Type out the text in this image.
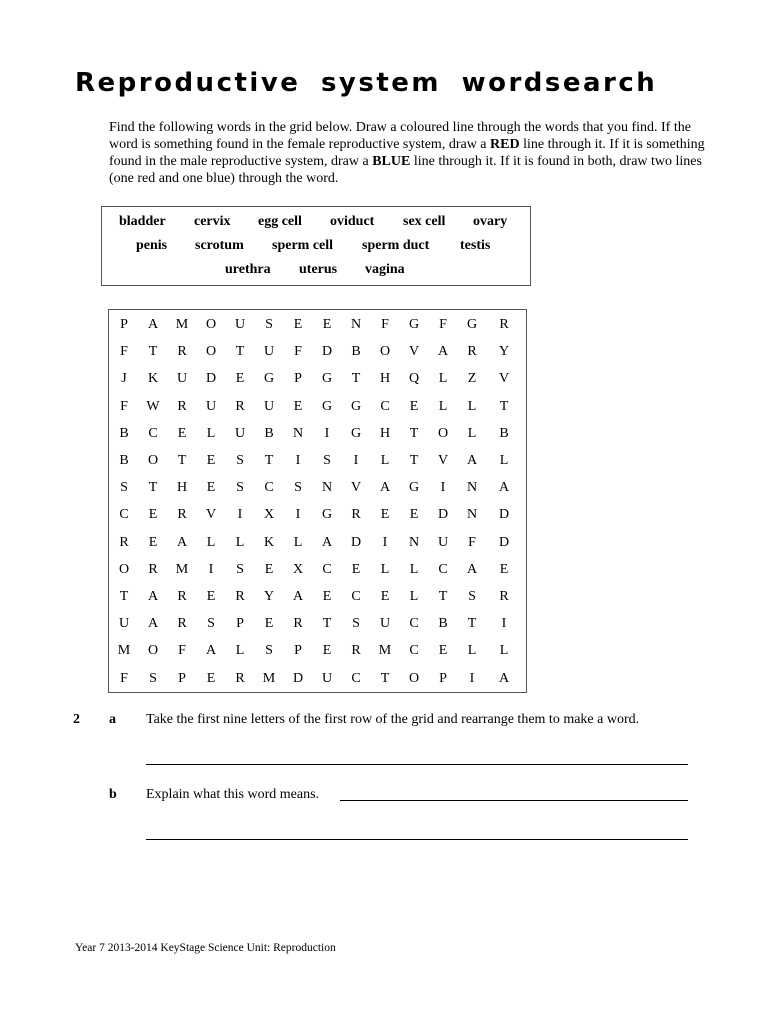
Reproductive system wordsearch
Find the following words in the grid below. Draw a coloured line through the words that you find. If the word is something found in the female reproductive system, draw a RED line through it. If it is something found in the male reproductive system, draw a BLUE line through it. If it is found in both, draw two lines (one red and one blue) through the word.
bladder cervix egg cell oviduct sex cell ovary
penis scrotum sperm cell sperm duct testis
urethra uterus vagina
P	A	M	O	U	S	E	E	N	F	G	F	G	R
F	T	R	O	T	U	F	D	B	O	V	A	R	Y
J	K	U	D	E	G	P	G	T	H	Q	L	Z	V
F	W	R	U	R	U	E	G	G	C	E	L	L	T
B	C	E	L	U	B	N	I	G	H	T	O	L	B
B	O	T	E	S	T	I	S	I	L	T	V	A	L
S	T	H	E	S	C	S	N	V	A	G	I	N	A
C	E	R	V	I	X	I	G	R	E	E	D	N	D
R	E	A	L	L	K	L	A	D	I	N	U	F	D
O	R	M	I	S	E	X	C	E	L	L	C	A	E
T	A	R	E	R	Y	A	E	C	E	L	T	S	R
U	A	R	S	P	E	R	T	S	U	C	B	T	I
M	O	F	A	L	S	P	E	R	M	C	E	L	L
F	S	P	E	R	M	D	U	C	T	O	P	I	A
2 a Take the first nine letters of the first row of the grid and rearrange them to make a word.
b Explain what this word means.
Year 7 2013-2014 KeyStage Science Unit: Reproduction
